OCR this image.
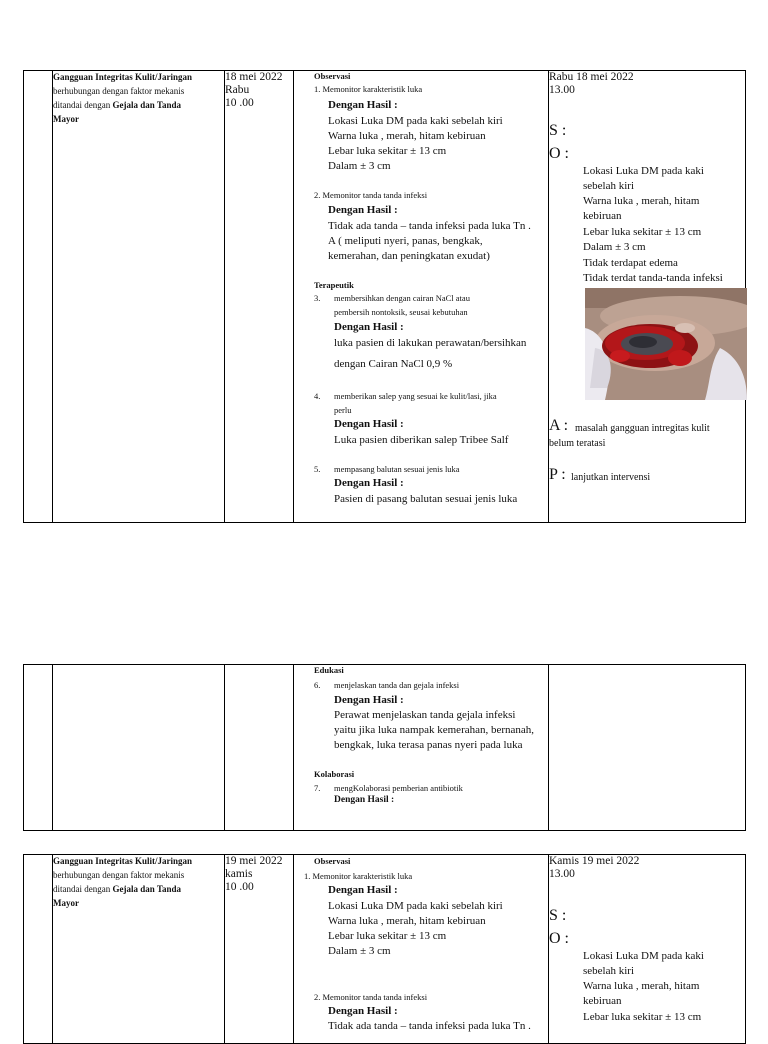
Gangguan Integritas Kulit/Jaringan
berhubungan dengan faktor mekanis
ditandai dengan Gejala dan Tanda
Mayor
18 mei 2022
Rabu
10 .00
Observasi
1. Memonitor karakteristik luka
Dengan Hasil :
Lokasi Luka DM pada kaki sebelah kiri
Warna luka , merah, hitam kebiruan
Lebar luka sekitar ± 13 cm
Dalam ± 3 cm
2. Memonitor tanda tanda infeksi
Dengan Hasil :
Tidak ada tanda – tanda infeksi pada luka Tn .
A ( meliputi nyeri, panas, bengkak,
kemerahan, dan peningkatan exudat)
Terapeutik
3. membersihkan dengan cairan NaCl atau
pembersih nontoksik, seusai kebutuhan
Dengan Hasil :
luka pasien di lakukan perawatan/bersihkan
dengan Cairan NaCl 0,9 %
4. memberikan salep yang sesuai ke kulit/lasi, jika
perlu
Dengan Hasil :
Luka pasien diberikan salep Tribee Salf
5. mempasang balutan sesuai jenis luka
Dengan Hasil :
Pasien di pasang balutan sesuai jenis luka
Rabu 18 mei 2022
13.00
S :
O :
Lokasi Luka DM pada kaki
sebelah kiri
Warna luka , merah, hitam
kebiruan
Lebar luka sekitar ± 13 cm
Dalam ± 3 cm
Tidak terdapat edema
Tidak terdat tanda-tanda infeksi
A : masalah gangguan intregitas kulit
belum teratasi
P : lanjutkan intervensi
Edukasi
6. menjelaskan tanda dan gejala infeksi
Dengan Hasil :
Perawat menjelaskan tanda gejala infeksi
yaitu jika luka nampak kemerahan, bernanah,
bengkak, luka terasa panas nyeri pada luka
Kolaborasi
7. mengKolaborasi pemberian antibiotik
Dengan Hasil :
Gangguan Integritas Kulit/Jaringan
berhubungan dengan faktor mekanis
ditandai dengan Gejala dan Tanda
Mayor
19 mei 2022
kamis
10 .00
Observasi
1. Memonitor karakteristik luka
Dengan Hasil :
Lokasi Luka DM pada kaki sebelah kiri
Warna luka , merah, hitam kebiruan
Lebar luka sekitar ± 13 cm
Dalam ± 3 cm
2. Memonitor tanda tanda infeksi
Dengan Hasil :
Tidak ada tanda – tanda infeksi pada luka Tn .
Kamis 19 mei 2022
13.00
S :
O :
Lokasi Luka DM pada kaki
sebelah kiri
Warna luka , merah, hitam
kebiruan
Lebar luka sekitar ± 13 cm
